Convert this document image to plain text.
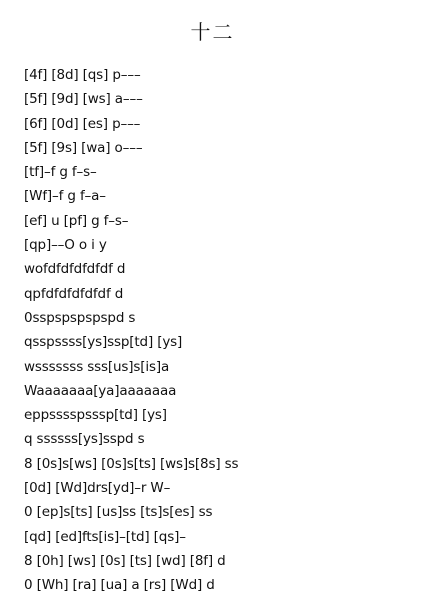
十二
[4f] [8d] [qs] p–––
[5f] [9d] [ws] a–––
[6f] [0d] [es] p–––
[5f] [9s] [wa] o–––
[tf]–f g f–s–
[Wf]–f g f–a–
[ef] u [pf] g f–s–
[qp]––O o i y
wofdfdfdfdfdf d
qpfdfdfdfdfdf d
0sspspspspspd s
qsspssss[ys]ssp[td] [ys]
wsssssss sss[us]s[is]a
Waaaaaaa[ya]aaaaaaa
eppsssspsssp[td] [ys]
q ssssss[ys]sspd s
8 [0s]s[ws] [0s]s[ts] [ws]s[8s] ss
[0d] [Wd]drs[yd]–r W–
0 [ep]s[ts] [us]ss [ts]s[es] ss
[qd] [ed]fts[is]–[td] [qs]–
8 [0h] [ws] [0s] [ts] [wd] [8f] d
0 [Wh] [ra] [ua] a [rs] [Wd] d
